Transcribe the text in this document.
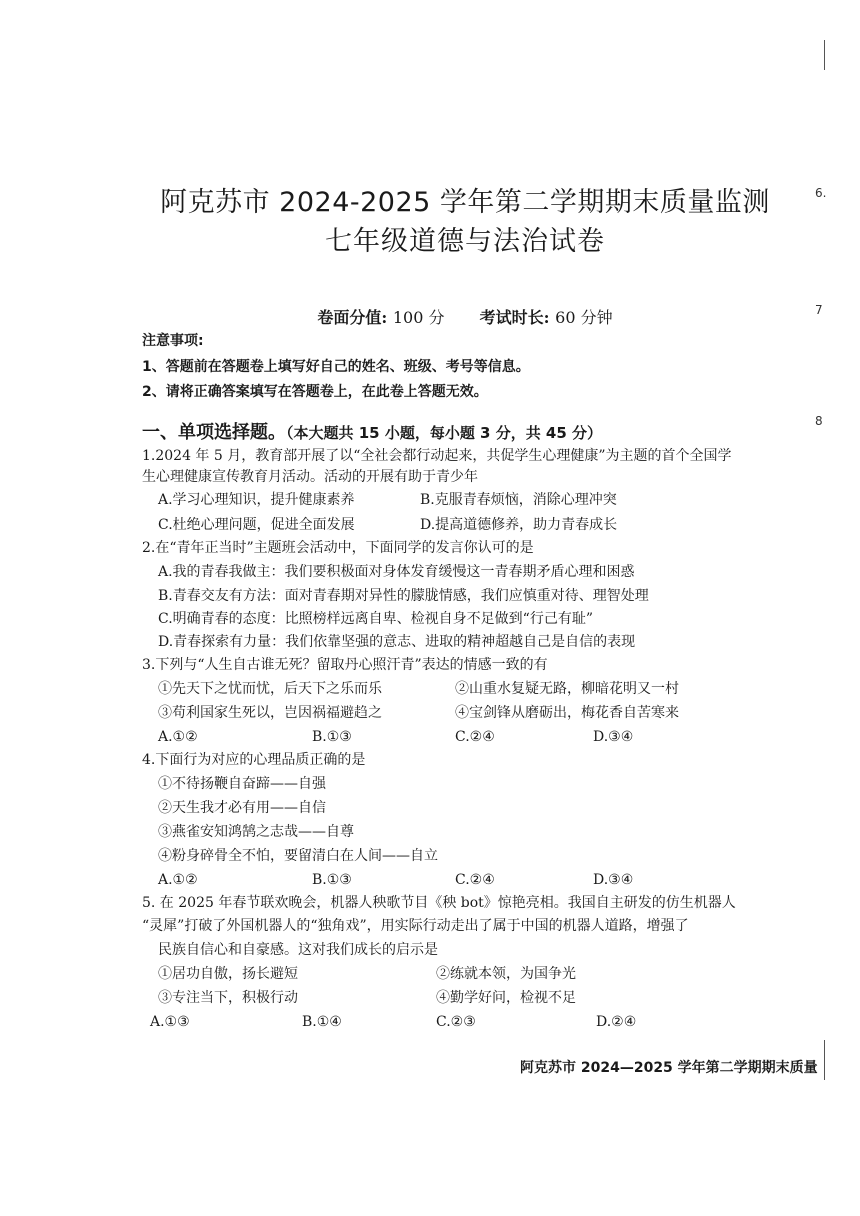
阿克苏市 2024-2025 学年第二学期期末质量监测
七年级道德与法治试卷
卷面分值: 100 分 考试时长: 60 分钟
注意事项:
1、答题前在答题卷上填写好自己的姓名、班级、考号等信息。
2、请将正确答案填写在答题卷上，在此卷上答题无效。
一、单项选择题。（本大题共 15 小题，每小题 3 分，共 45 分）
1.2024 年 5 月，教育部开展了以“全社会都行动起来，共促学生心理健康”为主题的首个全国学
生心理健康宣传教育月活动。活动的开展有助于青少年
A.学习心理知识，提升健康素养	B.克服青春烦恼，消除心理冲突
C.杜绝心理问题，促进全面发展	D.提高道德修养，助力青春成长
2.在“青年正当时”主题班会活动中，下面同学的发言你认可的是
A.我的青春我做主：我们要积极面对身体发育缓慢这一青春期矛盾心理和困惑
B.青春交友有方法：面对青春期对异性的朦胧情感，我们应慎重对待、理智处理
C.明确青春的态度：比照榜样远离自卑、检视自身不足做到“行己有耻”
D.青春探索有力量：我们依靠坚强的意志、进取的精神超越自己是自信的表现
3.下列与“人生自古谁无死？留取丹心照汗青”表达的情感一致的有
①先天下之忧而忧，后天下之乐而乐	②山重水复疑无路，柳暗花明又一村
③苟利国家生死以，岂因祸福避趋之	④宝剑锋从磨砺出，梅花香自苦寒来
A.①②	B.①③	C.②④	D.③④
4.下面行为对应的心理品质正确的是
①不待扬鞭自奋蹄——自强
②天生我才必有用——自信
③燕雀安知鸿鹄之志哉——自尊
④粉身碎骨全不怕，要留清白在人间——自立
A.①②	B.①③	C.②④	D.③④
5. 在 2025 年春节联欢晚会，机器人秧歌节目《秧 bot》惊艳亮相。我国自主研发的仿生机器人
“灵犀”打破了外国机器人的“独角戏”，用实际行动走出了属于中国的机器人道路，增强了
民族自信心和自豪感。这对我们成长的启示是
①居功自傲，扬长避短	②练就本领，为国争光
③专注当下，积极行动	④勤学好问，检视不足
A.①③	B.①④	C.②③	D.②④
阿克苏市 2024—2025 学年第二学期期末质量
6.
7
8
